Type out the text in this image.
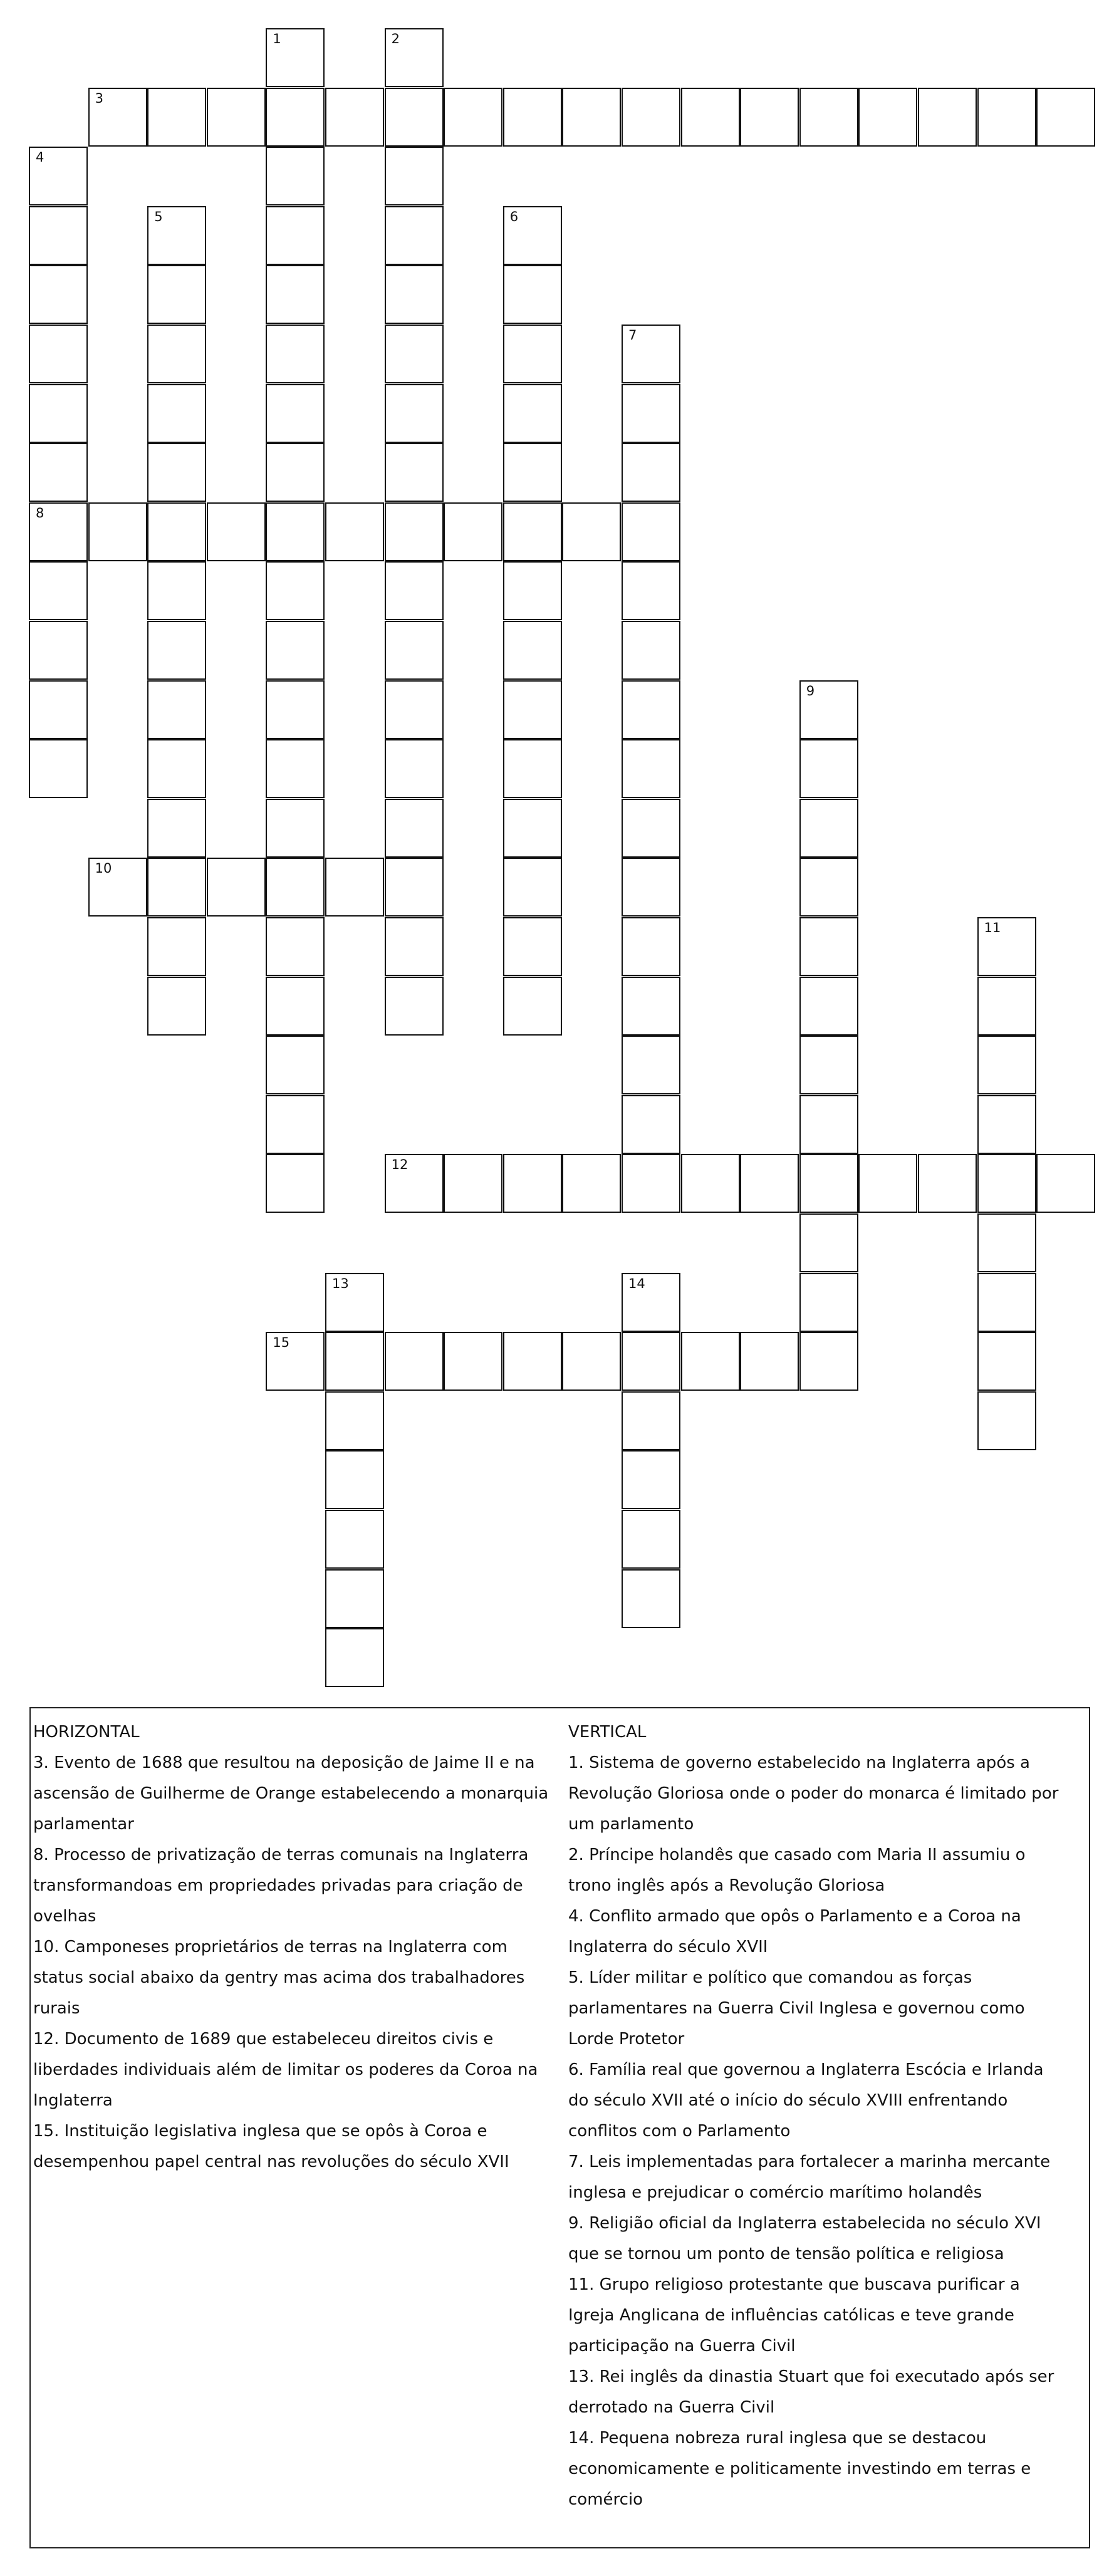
1	2
3
4
8
5	6
7
9
10
11
12
13	14
15
HORIZONTAL
3. Evento de 1688 que resultou na deposição de Jaime II e na
ascensão de Guilherme de Orange estabelecendo a monarquia
parlamentar
8. Processo de privatização de terras comunais na Inglaterra
transformandoas em propriedades privadas para criação de
ovelhas
10. Camponeses proprietários de terras na Inglaterra com
status social abaixo da gentry mas acima dos trabalhadores
rurais
12. Documento de 1689 que estabeleceu direitos civis e
liberdades individuais além de limitar os poderes da Coroa na
Inglaterra
15. Instituição legislativa inglesa que se opôs à Coroa e
desempenhou papel central nas revoluções do século XVII
VERTICAL
1. Sistema de governo estabelecido na Inglaterra após a
Revolução Gloriosa onde o poder do monarca é limitado por
um parlamento
2. Príncipe holandês que casado com Maria II assumiu o
trono inglês após a Revolução Gloriosa
4. Conflito armado que opôs o Parlamento e a Coroa na
Inglaterra do século XVII
5. Líder militar e político que comandou as forças
parlamentares na Guerra Civil Inglesa e governou como
Lorde Protetor
6. Família real que governou a Inglaterra Escócia e Irlanda
do século XVII até o início do século XVIII enfrentando
conflitos com o Parlamento
7. Leis implementadas para fortalecer a marinha mercante
inglesa e prejudicar o comércio marítimo holandês
9. Religião oficial da Inglaterra estabelecida no século XVI
que se tornou um ponto de tensão política e religiosa
11. Grupo religioso protestante que buscava purificar a
Igreja Anglicana de influências católicas e teve grande
participação na Guerra Civil
13. Rei inglês da dinastia Stuart que foi executado após ser
derrotado na Guerra Civil
14. Pequena nobreza rural inglesa que se destacou
economicamente e politicamente investindo em terras e
comércio
